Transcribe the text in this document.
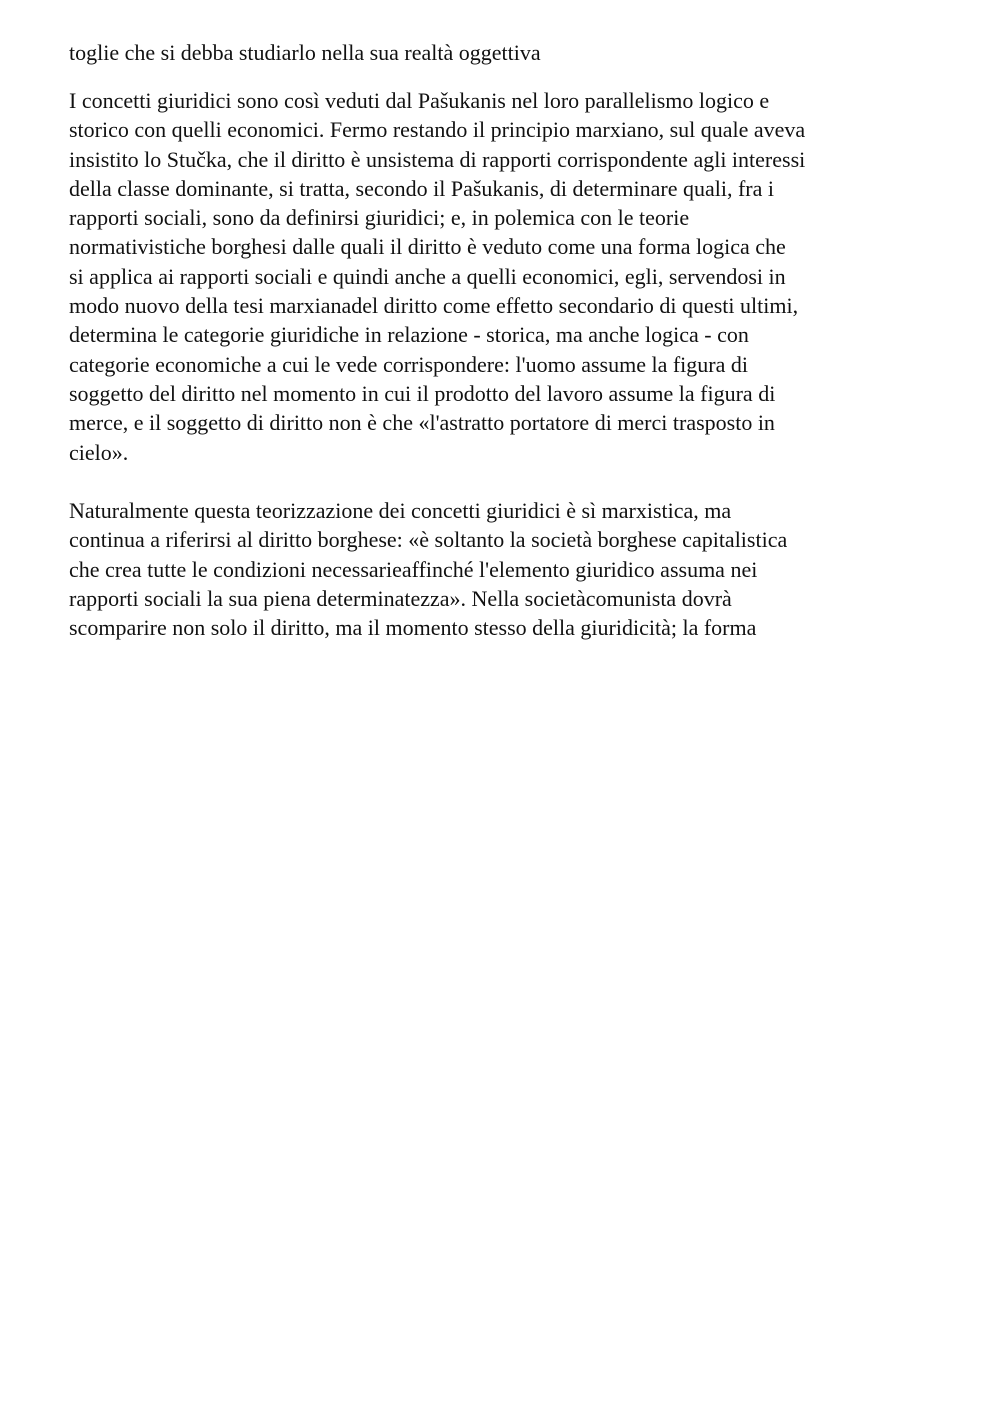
toglie che si debba studiarlo nella sua realtà oggettiva
I concetti giuridici sono così veduti dal Pašukanis nel loro parallelismo logico e
storico con quelli economici. Fermo restando il principio marxiano, sul quale aveva
insistito lo Stučka, che il diritto è unsistema di rapporti corrispondente agli interessi
della classe dominante, si tratta, secondo il Pašukanis, di determinare quali, fra i
rapporti sociali, sono da definirsi giuridici; e, in polemica con le teorie
normativistiche borghesi dalle quali il diritto è veduto come una forma logica che
si applica ai rapporti sociali e quindi anche a quelli economici, egli, servendosi in
modo nuovo della tesi marxianadel diritto come effetto secondario di questi ultimi,
determina le categorie giuridiche in relazione - storica, ma anche logica - con
categorie economiche a cui le vede corrispondere: l'uomo assume la figura di
soggetto del diritto nel momento in cui il prodotto del lavoro assume la figura di
merce, e il soggetto di diritto non è che «l'astratto portatore di merci trasposto in
cielo».
Naturalmente questa teorizzazione dei concetti giuridici è sì marxistica, ma
continua a riferirsi al diritto borghese: «è soltanto la società borghese capitalistica
che crea tutte le condizioni necessarieaffinché l'elemento giuridico assuma nei
rapporti sociali la sua piena determinatezza». Nella societàcomunista dovrà
scomparire non solo il diritto, ma il momento stesso della giuridicità; la forma
